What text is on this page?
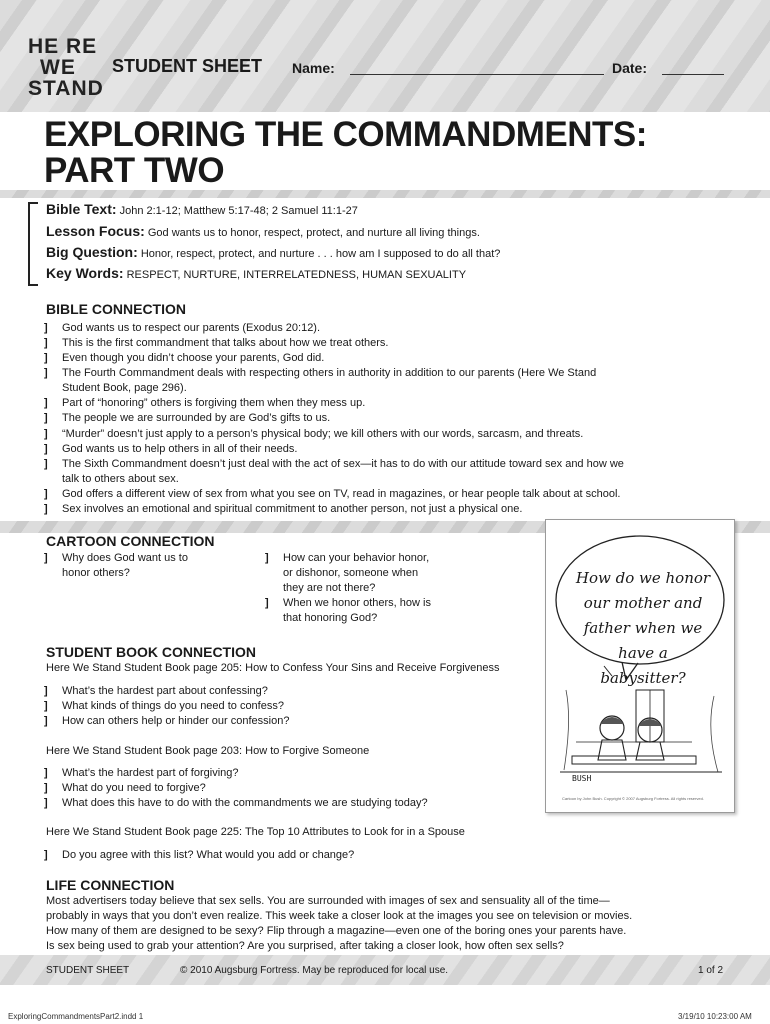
HE RE
WE
STAND
STUDENT SHEET Name:	Date:
EXPLORING THE COMMANDMENTS:
PART TWO
Bible Text: John 2:1-12; Matthew 5:17-48; 2 Samuel 11:1-27
Lesson Focus: God wants us to honor, respect, protect, and nurture all living things.
Big Question: Honor, respect, protect, and nurture . . . how am I supposed to do all that?
Key Words: RESPECT, NURTURE, INTERRELATEDNESS, HUMAN SEXUALITY
BIBLE CONNECTION
] God wants us to respect our parents (Exodus 20:12).
] This is the first commandment that talks about how we treat others.
] Even though you didn’t choose your parents, God did.
] The Fourth Commandment deals with respecting others in authority in addition to our parents (Here We Stand
Student Book, page 296).
] Part of “honoring” others is forgiving them when they mess up.
] The people we are surrounded by are God’s gifts to us.
] “Murder” doesn’t just apply to a person’s physical body; we kill others with our words, sarcasm, and threats.
] God wants us to help others in all of their needs.
] The Sixth Commandment doesn’t just deal with the act of sex—it has to do with our attitude toward sex and how we
talk to others about sex.
] God offers a different view of sex from what you see on TV, read in magazines, or hear people talk about at school.
] Sex involves an emotional and spiritual commitment to another person, not just a physical one.
CARTOON CONNECTION
] Why does God want us to
honor others?
] How can your behavior honor,
or dishonor, someone when
they are not there?
] When we honor others, how is
that honoring God?
How do we honor
our mother and
father when we
have a
babysitter?
BUSH
Cartoon by John Bush. Copyright © 2007 Augsburg Fortress. All rights reserved.
STUDENT BOOK CONNECTION
Here We Stand Student Book page 205: How to Confess Your Sins and Receive Forgiveness
] What’s the hardest part about confessing?
] What kinds of things do you need to confess?
] How can others help or hinder our confession?
Here We Stand Student Book page 203: How to Forgive Someone
] What’s the hardest part of forgiving?
] What do you need to forgive?
] What does this have to do with the commandments we are studying today?
Here We Stand Student Book page 225: The Top 10 Attributes to Look for in a Spouse
] Do you agree with this list? What would you add or change?
LIFE CONNECTION
Most advertisers today believe that sex sells. You are surrounded with images of sex and sensuality all of the time—
probably in ways that you don’t even realize. This week take a closer look at the images you see on television or movies.
How many of them are designed to be sexy? Flip through a magazine—even one of the boring ones your parents have.
Is sex being used to grab your attention? Are you surprised, after taking a closer look, how often sex sells?
STUDENT SHEET	© 2010 Augsburg Fortress. May be reproduced for local use.	1 of 2
ExploringCommandmentsPart2.indd 1	3/19/10 10:23:00 AM
